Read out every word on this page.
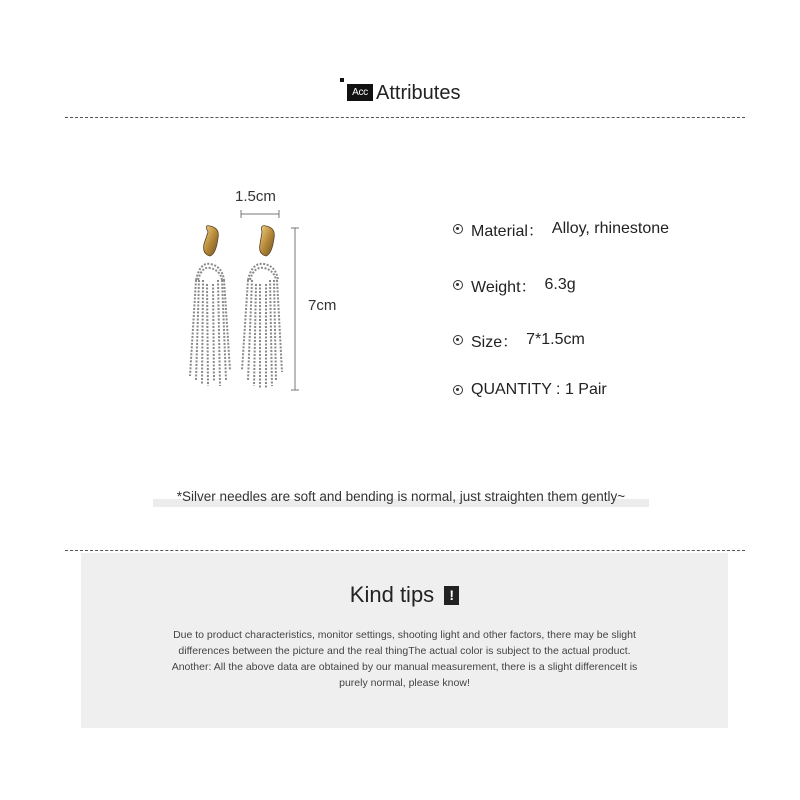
Acc Attributes
1.5cm
7cm
Material： Alloy, rhinestone
Weight： 6.3g
Size： 7*1.5cm
QUANTITY : 1 Pair
*Silver needles are soft and bending is normal, just straighten them gently~
Kind tips !
Due to product characteristics, monitor settings, shooting light and other factors, there may be slight
differences between the picture and the real thingThe actual color is subject to the actual product.
Another: All the above data are obtained by our manual measurement, there is a slight differenceIt is
purely normal, please know!
